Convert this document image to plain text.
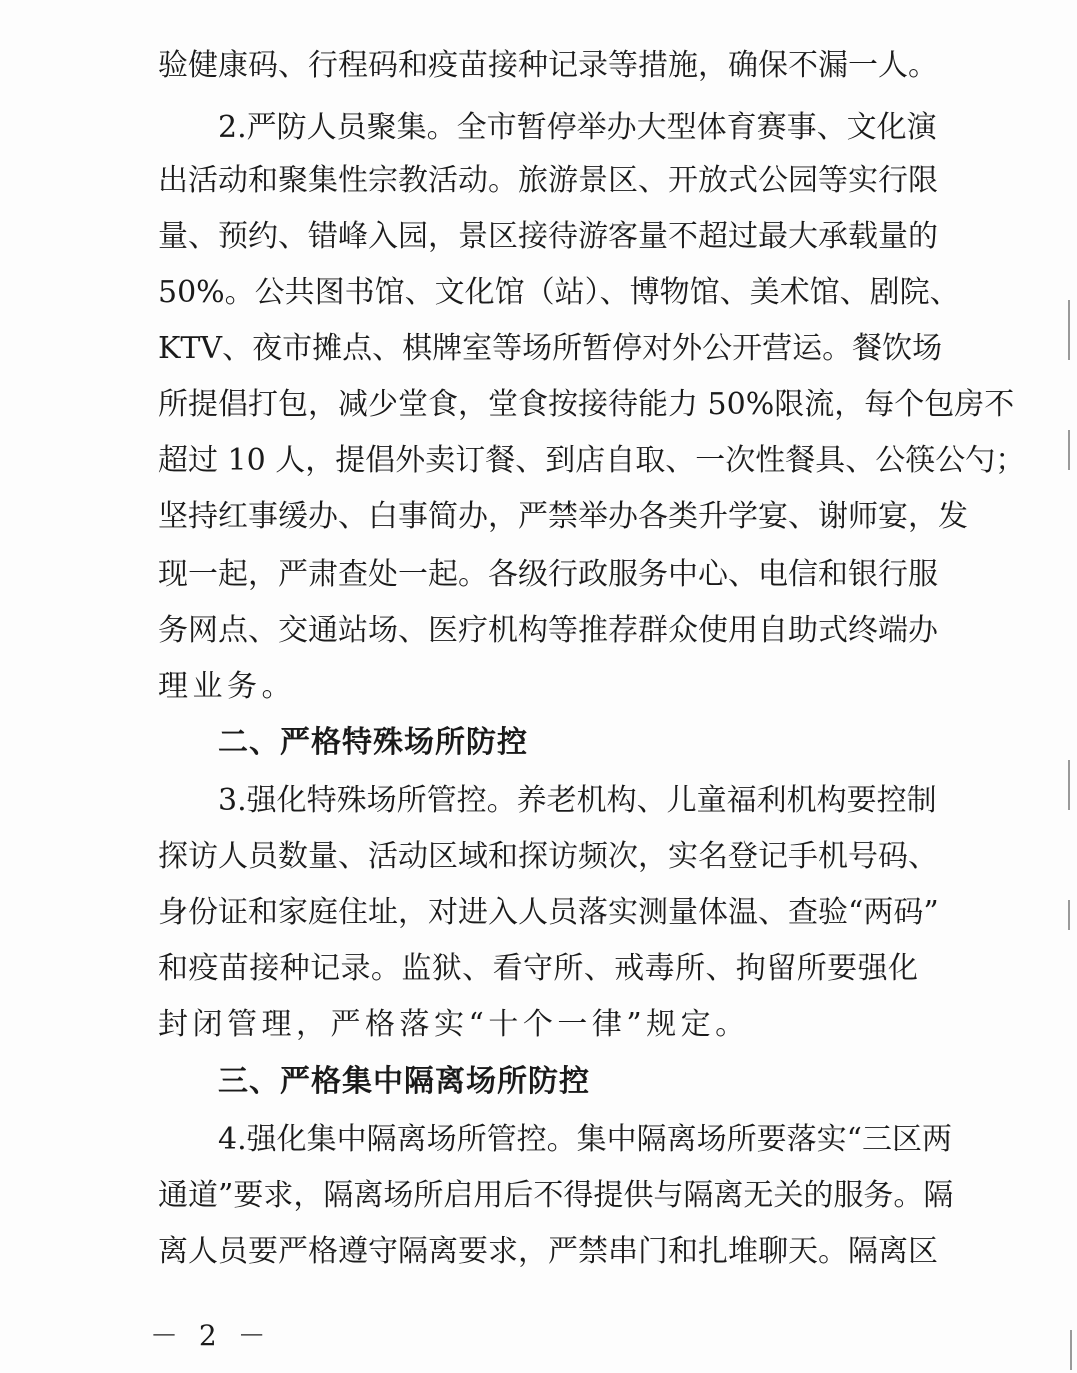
验健康码、行程码和疫苗接种记录等措施，确保不漏一人。
2.严防人员聚集。全市暂停举办大型体育赛事、文化演
出活动和聚集性宗教活动。旅游景区、开放式公园等实行限
量、预约、错峰入园，景区接待游客量不超过最大承载量的
50%。公共图书馆、文化馆（站）、博物馆、美术馆、剧院、
KTV、夜市摊点、棋牌室等场所暂停对外公开营运。餐饮场
所提倡打包，减少堂食，堂食按接待能力 50%限流，每个包房不
超过 10 人，提倡外卖订餐、到店自取、一次性餐具、公筷公勺；
坚持红事缓办、白事简办，严禁举办各类升学宴、谢师宴，发
现一起，严肃查处一起。各级行政服务中心、电信和银行服
务网点、交通站场、医疗机构等推荐群众使用自助式终端办
理业务。
二、严格特殊场所防控
3.强化特殊场所管控。养老机构、儿童福利机构要控制
探访人员数量、活动区域和探访频次，实名登记手机号码、
身份证和家庭住址，对进入人员落实测量体温、查验“两码”
和疫苗接种记录。监狱、看守所、戒毒所、拘留所要强化
封闭管理，严格落实“十个一律”规定。
三、严格集中隔离场所防控
4.强化集中隔离场所管控。集中隔离场所要落实“三区两
通道”要求，隔离场所启用后不得提供与隔离无关的服务。隔
离人员要严格遵守隔离要求，严禁串门和扎堆聊天。隔离区
－ 2 －
